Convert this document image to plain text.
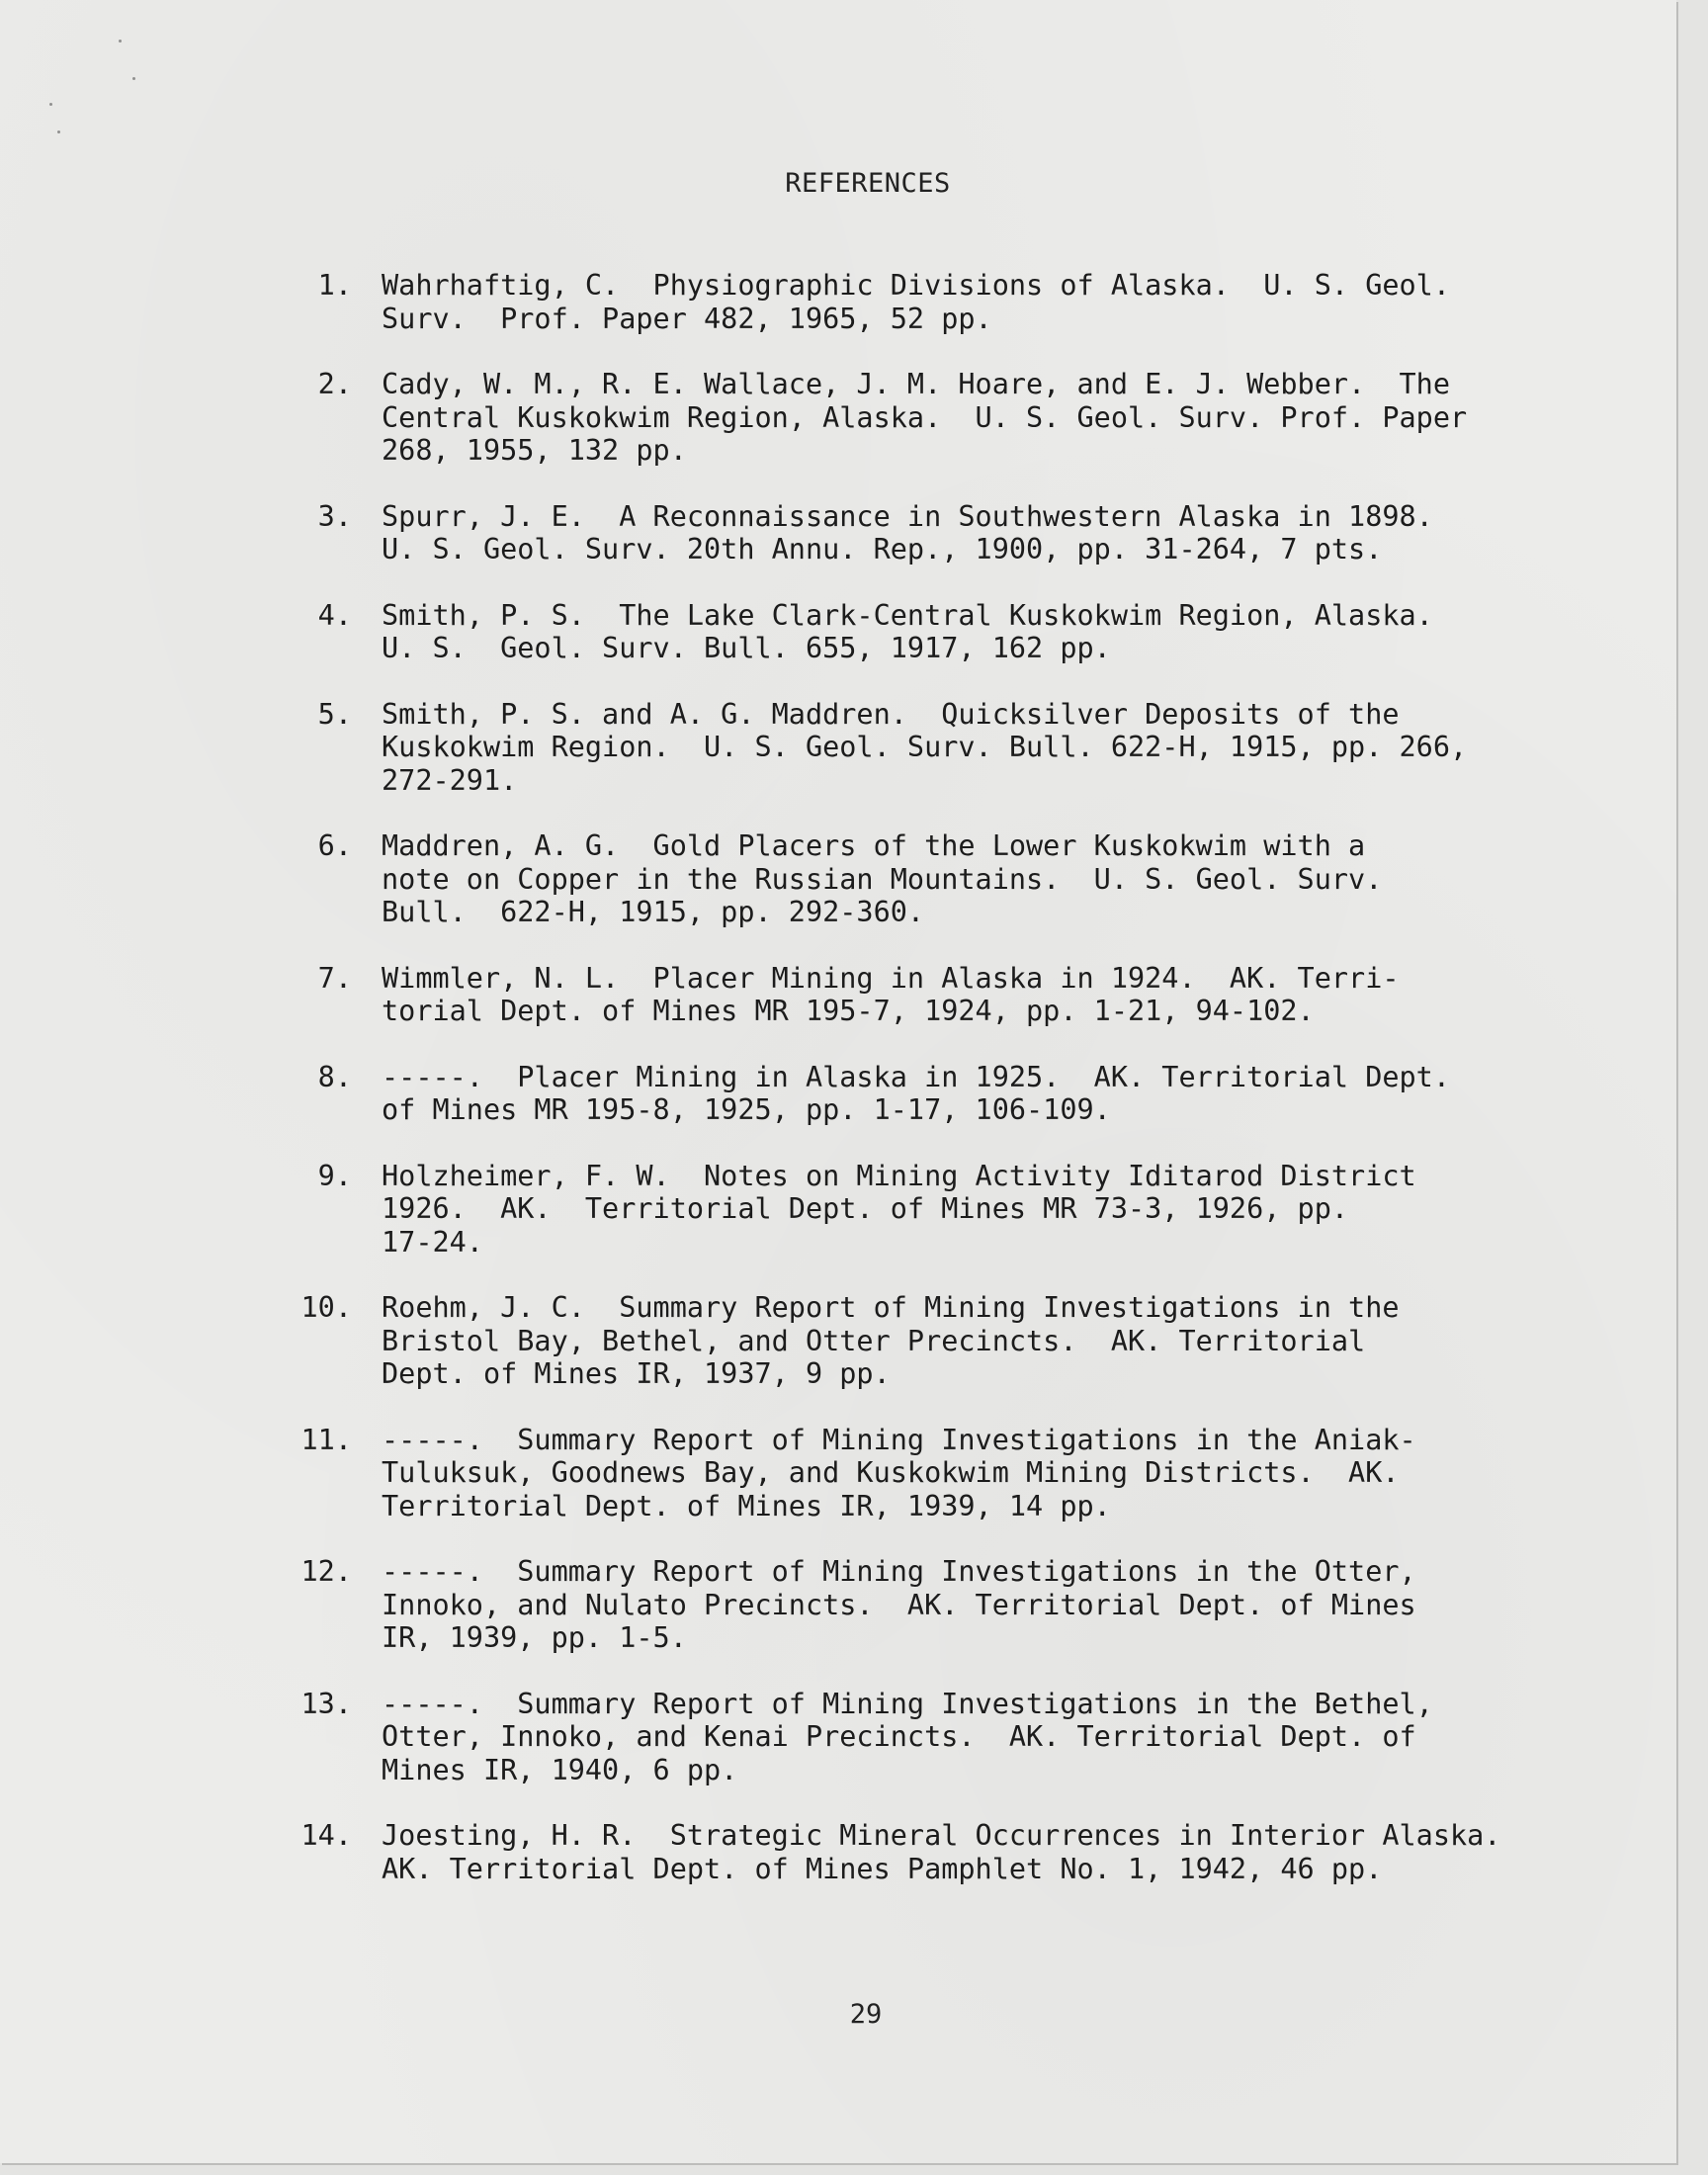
REFERENCES
1. Wahrhaftig, C.  Physiographic Divisions of Alaska.  U. S. Geol.
Surv.  Prof. Paper 482, 1965, 52 pp.
2. Cady, W. M., R. E. Wallace, J. M. Hoare, and E. J. Webber.  The
Central Kuskokwim Region, Alaska.  U. S. Geol. Surv. Prof. Paper
268, 1955, 132 pp.
3. Spurr, J. E.  A Reconnaissance in Southwestern Alaska in 1898.
U. S. Geol. Surv. 20th Annu. Rep., 1900, pp. 31-264, 7 pts.
4. Smith, P. S.  The Lake Clark-Central Kuskokwim Region, Alaska.
U. S.  Geol. Surv. Bull. 655, 1917, 162 pp.
5. Smith, P. S. and A. G. Maddren.  Quicksilver Deposits of the
Kuskokwim Region.  U. S. Geol. Surv. Bull. 622-H, 1915, pp. 266,
272-291.
6. Maddren, A. G.  Gold Placers of the Lower Kuskokwim with a
note on Copper in the Russian Mountains.  U. S. Geol. Surv.
Bull.  622-H, 1915, pp. 292-360.
7. Wimmler, N. L.  Placer Mining in Alaska in 1924.  AK. Terri-
torial Dept. of Mines MR 195-7, 1924, pp. 1-21, 94-102.
8. -----.  Placer Mining in Alaska in 1925.  AK. Territorial Dept.
of Mines MR 195-8, 1925, pp. 1-17, 106-109.
9. Holzheimer, F. W.  Notes on Mining Activity Iditarod District
1926.  AK.  Territorial Dept. of Mines MR 73-3, 1926, pp.
17-24.
10. Roehm, J. C.  Summary Report of Mining Investigations in the
Bristol Bay, Bethel, and Otter Precincts.  AK. Territorial
Dept. of Mines IR, 1937, 9 pp.
11. -----.  Summary Report of Mining Investigations in the Aniak-
Tuluksuk, Goodnews Bay, and Kuskokwim Mining Districts.  AK.
Territorial Dept. of Mines IR, 1939, 14 pp.
12. -----.  Summary Report of Mining Investigations in the Otter,
Innoko, and Nulato Precincts.  AK. Territorial Dept. of Mines
IR, 1939, pp. 1-5.
13. -----.  Summary Report of Mining Investigations in the Bethel,
Otter, Innoko, and Kenai Precincts.  AK. Territorial Dept. of
Mines IR, 1940, 6 pp.
14. Joesting, H. R.  Strategic Mineral Occurrences in Interior Alaska.
AK. Territorial Dept. of Mines Pamphlet No. 1, 1942, 46 pp.
29
